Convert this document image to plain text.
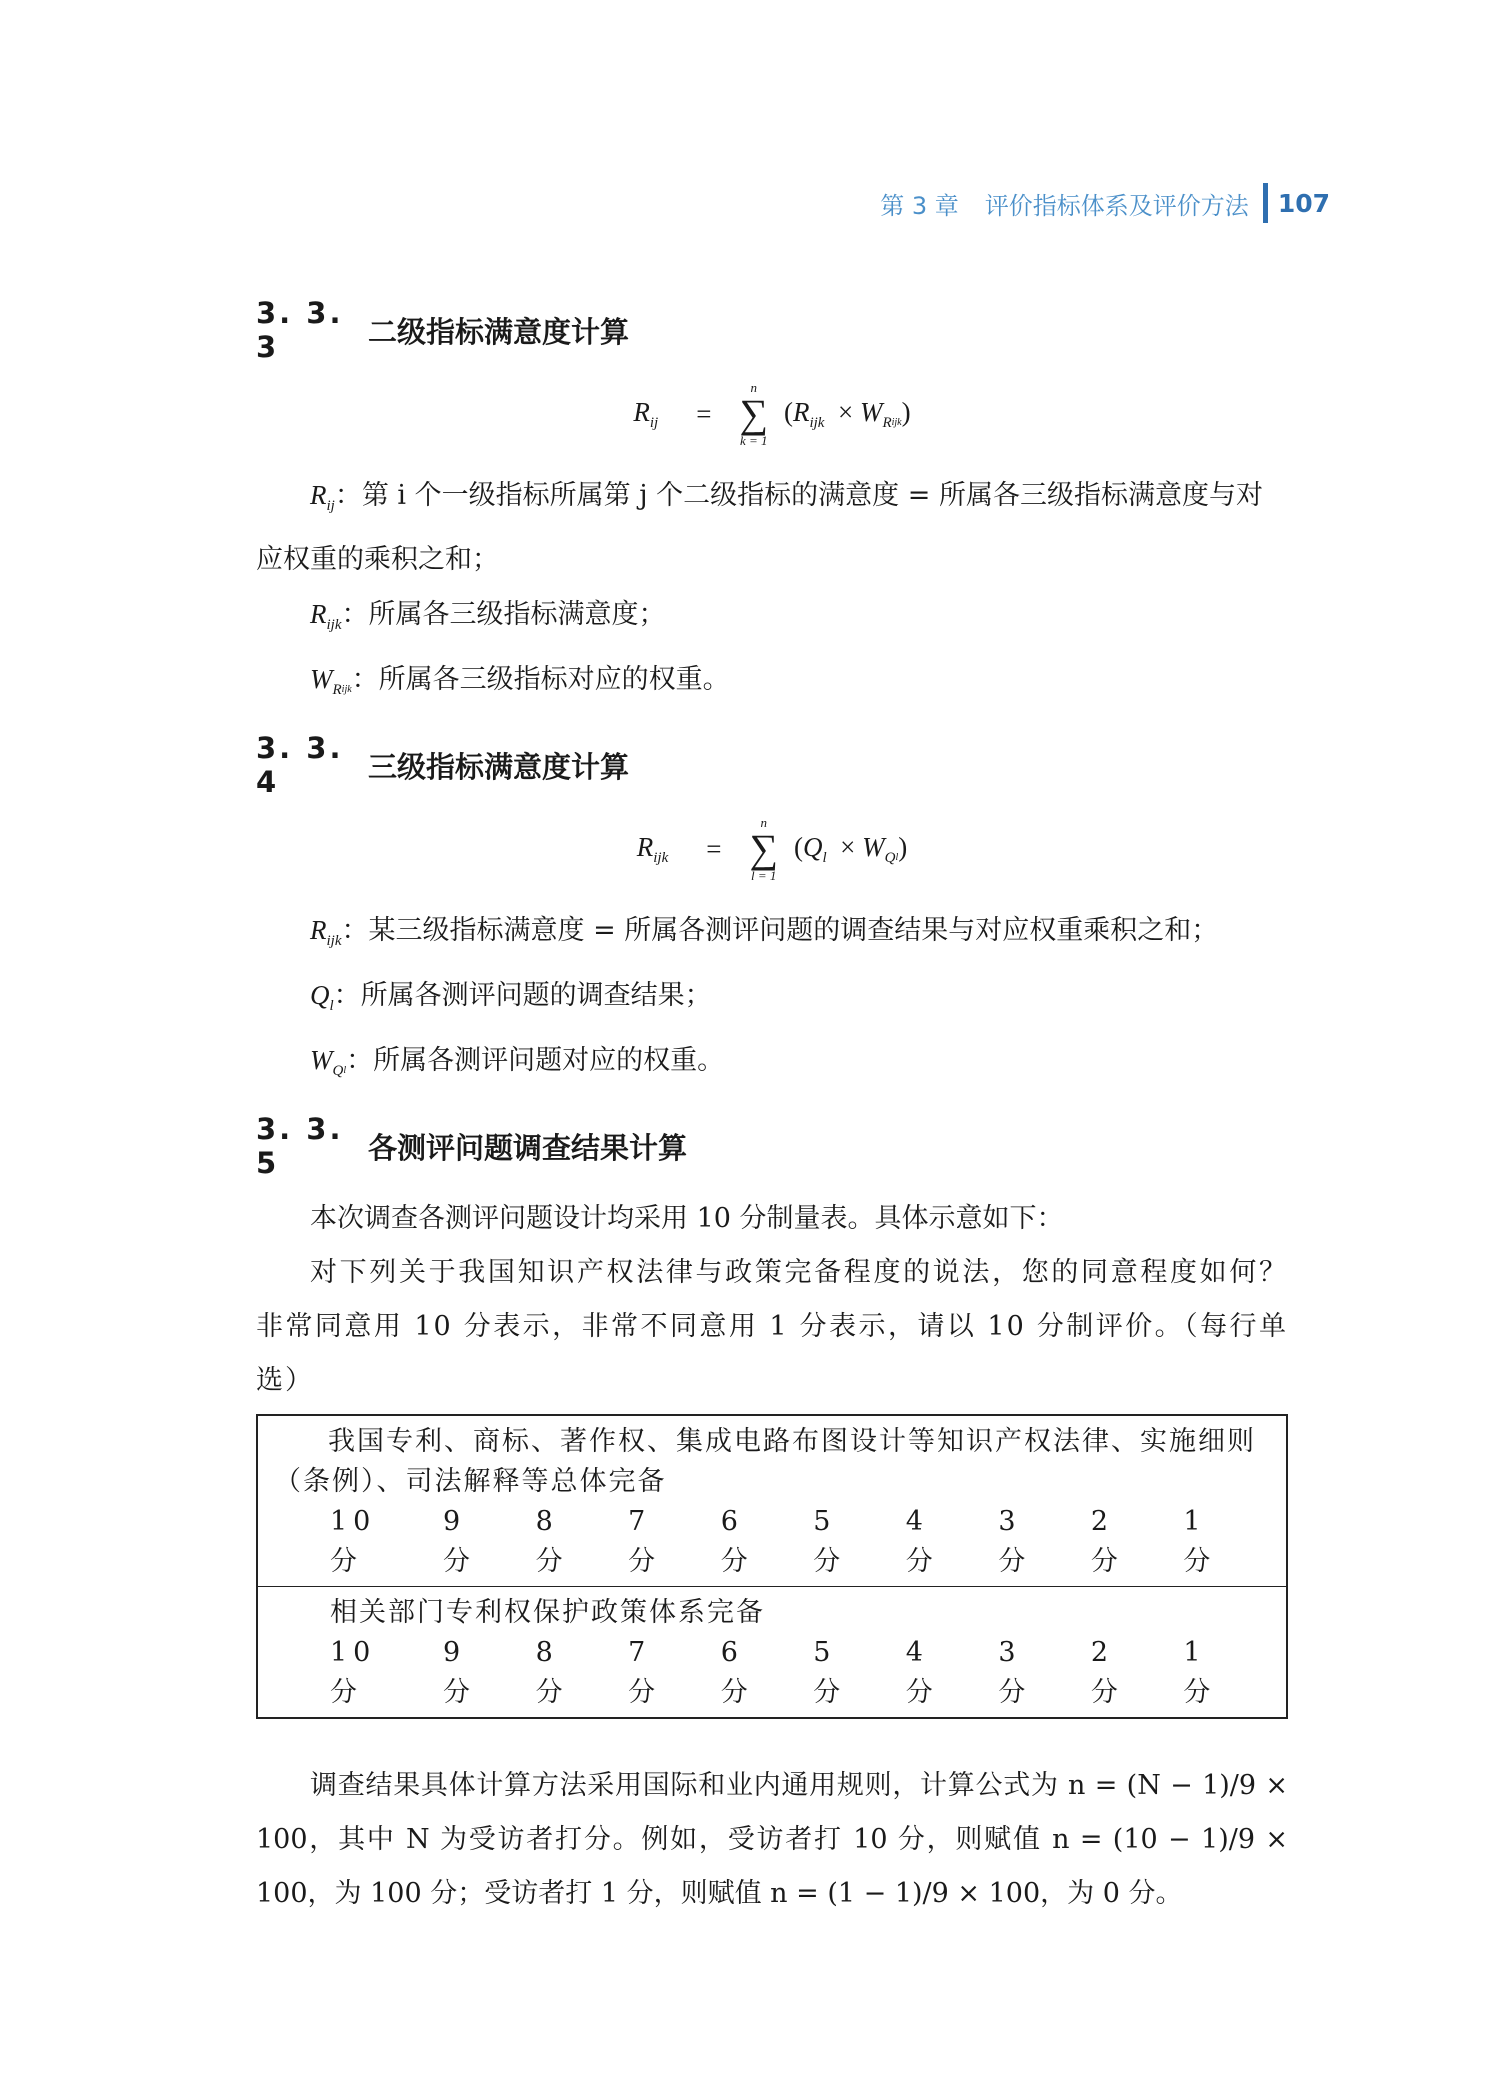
第 3 章 评价指标体系及评价方法 107
3. 3. 3	二级指标满意度计算
$R_{ij}$ =
n
∑
k = 1
$(R_{ijk} \times W_Rijk)$

$R_{ij}$：第 i 个一级指标所属第 j 个二级指标的满意度 = 所属各三级指标满意度与对应权重的乘积之和；

$R_{ijk}$：所属各三级指标满意度；

$W_Rijk$：所属各三级指标对应的权重。

3. 3. 4	三级指标满意度计算
$R_{ijk}$ =
n
∑
l = 1
$(Q_l \times W_Ql)$

$R_{ijk}$：某三级指标满意度 = 所属各测评问题的调查结果与对应权重乘积之和；

$Q_l$：所属各测评问题的调查结果；

$W_Ql$：所属各测评问题对应的权重。

3. 3. 5	各测评问题调查结果计算

本次调查各测评问题设计均采用 10 分制量表。具体示意如下：

对下列关于我国知识产权法律与政策完备程度的说法，您的同意程度如何？非常同意用 10 分表示，非常不同意用 1 分表示，请以 10 分制评价。（每行单选）

我国专利、商标、著作权、集成电路布图设计等知识产权法律、实施细则（条例）、司法解释等总体完备
10 分
9 分
8 分
7 分
6 分
5 分
4 分
3 分
2 分
1 分
相关部门专利权保护政策体系完备
10 分
9 分
8 分
7 分
6 分
5 分
4 分
3 分
2 分
1 分

调查结果具体计算方法采用国际和业内通用规则，计算公式为 n = (N − 1)/9 × 100，其中 N 为受访者打分。例如，受访者打 10 分，则赋值 n = (10 − 1)/9 × 100，为 100 分；受访者打 1 分，则赋值 n = (1 − 1)/9 × 100，为 0 分。
